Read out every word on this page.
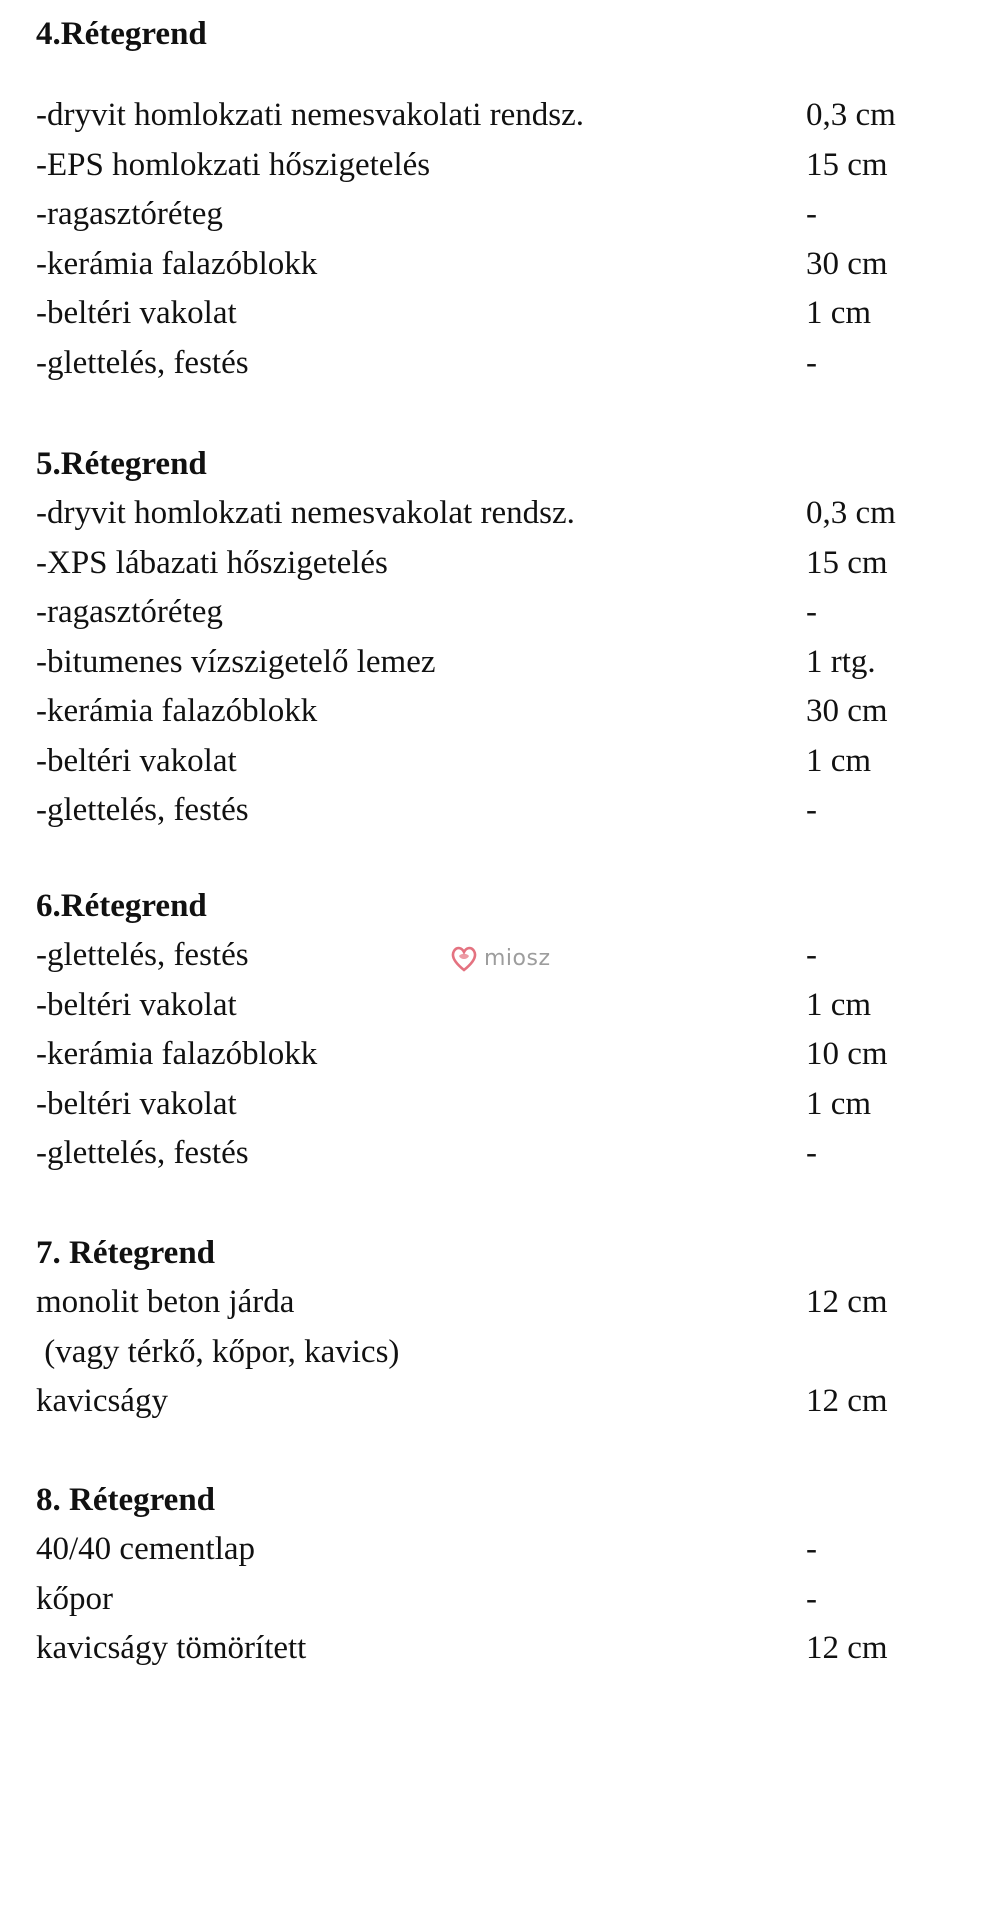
4.Rétegrend
-dryvit homlokzati nemesvakolati rendsz.	0,3 cm
-EPS homlokzati hőszigetelés	15 cm
-ragasztóréteg	-
-kerámia falazóblokk	30 cm
-beltéri vakolat	1 cm
-glettelés, festés	-
5.Rétegrend
-dryvit homlokzati nemesvakolat rendsz.	0,3 cm
-XPS lábazati hőszigetelés	15 cm
-ragasztóréteg	-
-bitumenes vízszigetelő lemez	1 rtg.
-kerámia falazóblokk	30 cm
-beltéri vakolat	1 cm
-glettelés, festés	-
6.Rétegrend
-glettelés, festés	-
-beltéri vakolat	1 cm
-kerámia falazóblokk	10 cm
-beltéri vakolat	1 cm
-glettelés, festés	-
miosz
7. Rétegrend
monolit beton járda	12 cm
(vagy térkő, kőpor, kavics)
kavicságy	12 cm
8. Rétegrend
40/40 cementlap	-
kőpor	-
kavicságy tömörített	12 cm
